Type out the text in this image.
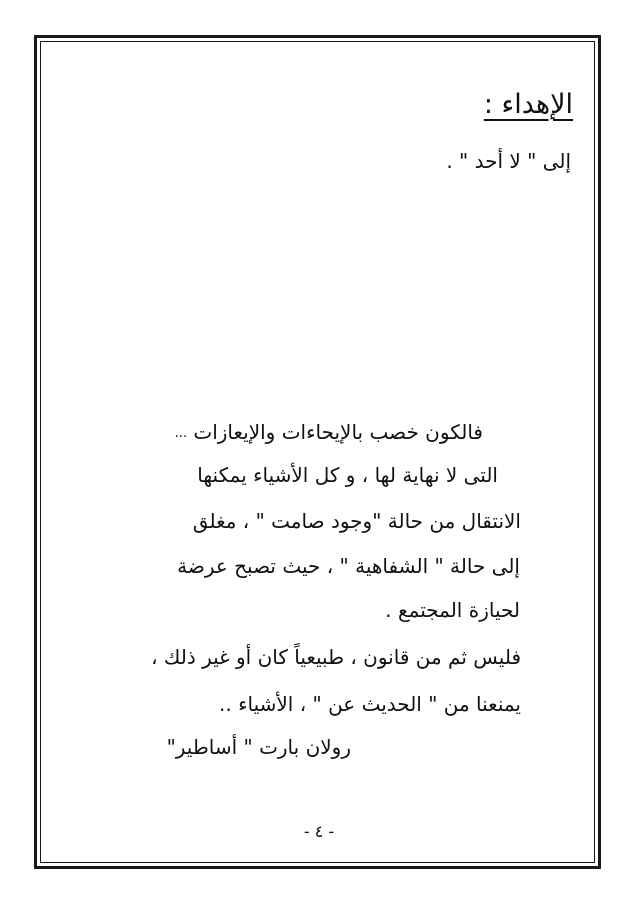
الإهداء :
إلى " لا أحد " .
فالكون خصب بالإيحاءات والإيعازات ...
التى لا نهاية لها ، و كل الأشياء يمكنها
الانتقال من حالة "وجود صامت " ، مغلق
إلى حالة " الشفاهية " ، حيث تصبح عرضة
لحيازة المجتمع .
فليس ثم من قانون ، طبيعياً كان أو غير ذلك ،
يمنعنا من " الحديث عن " ، الأشياء ..
رولان بارت " أساطير"
- ٤ -
